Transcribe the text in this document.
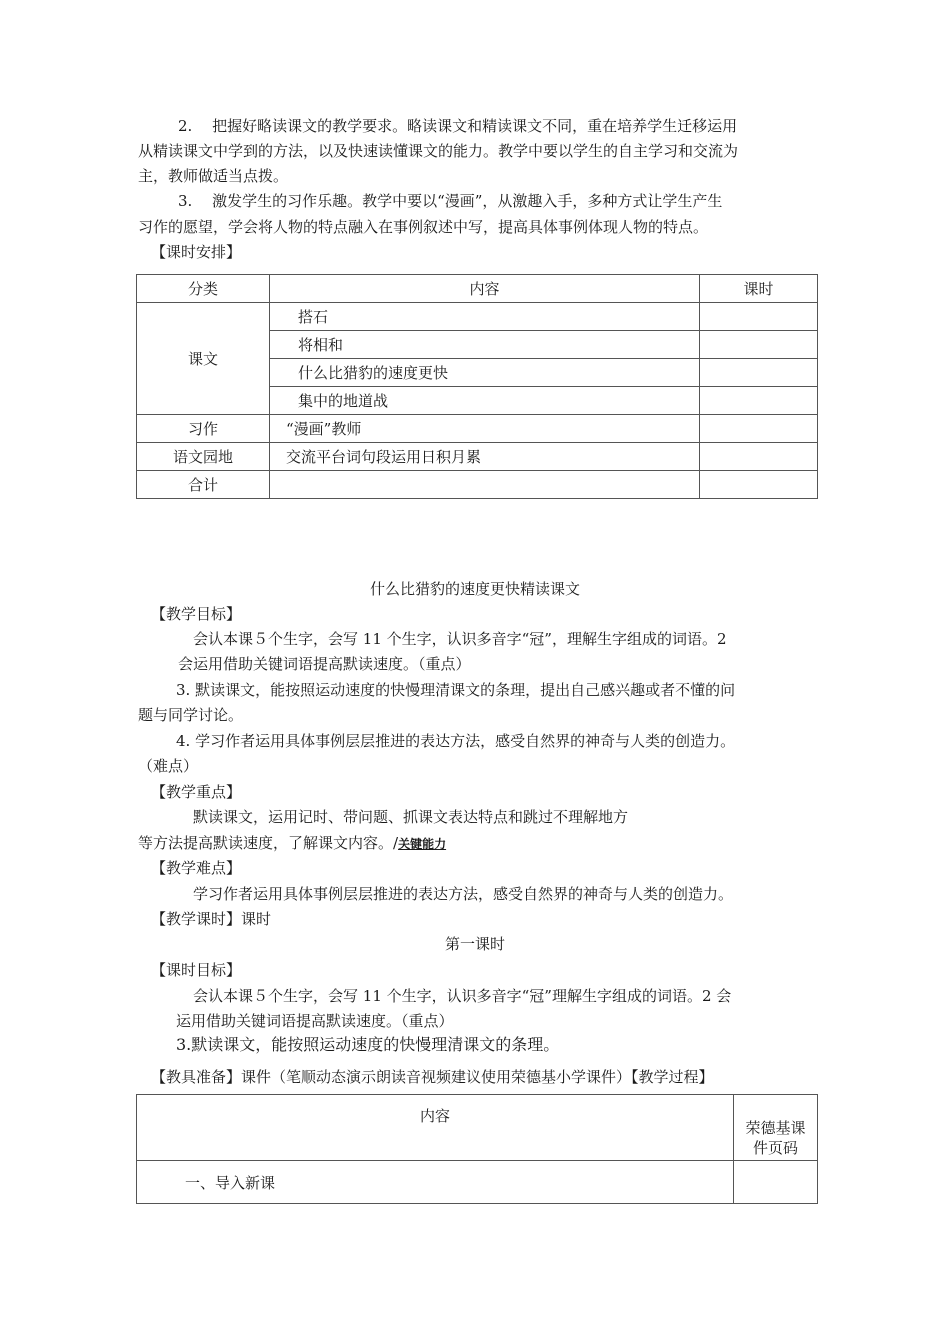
2.　 把握好略读课文的教学要求。略读课文和精读课文不同，重在培养学生迁移运用
从精读课文中学到的方法，以及快速读懂课文的能力。教学中要以学生的自主学习和交流为
主，教师做适当点拨。
3.　 激发学生的习作乐趣。教学中要以“漫画”，从激趣入手，多种方式让学生产生
习作的愿望，学会将人物的特点融入在事例叙述中写，提高具体事例体现人物的特点。
【课时安排】
分类	内容	课时
课文	搭石	
	将相和	
	什么比猎豹的速度更快	
	集中的地道战	
习作	“漫画”教师	
语文园地	交流平台词句段运用日积月累	
合计		
什么比猎豹的速度更快精读课文
【教学目标】
会认本课５个生字，会写 11 个生字，认识多音字“冠”，理解生字组成的词语。2
会运用借助关键词语提高默读速度。（重点）
3. 默读课文，能按照运动速度的快慢理清课文的条理，提出自己感兴趣或者不懂的问
题与同学讨论。
4. 学习作者运用具体事例层层推进的表达方法，感受自然界的神奇与人类的创造力。
（难点）
【教学重点】
默读课文，运用记时、带问题、抓课文表达特点和跳过不理解地方
等方法提高默读速度，了解课文内容。/关键能力
【教学难点】
学习作者运用具体事例层层推进的表达方法，感受自然界的神奇与人类的创造力。
【教学课时】课时
第一课时
【课时目标】
会认本课５个生字，会写 11 个生字，认识多音字“冠”理解生字组成的词语。2 会
运用借助关键词语提高默读速度。（重点）
3.默读课文，能按照运动速度的快慢理清课文的条理。
【教具准备】课件（笔顺动态演示朗读音视频建议使用荣德基小学课件）【教学过程】
内容	荣德基课
件页码

一、导入新课	
